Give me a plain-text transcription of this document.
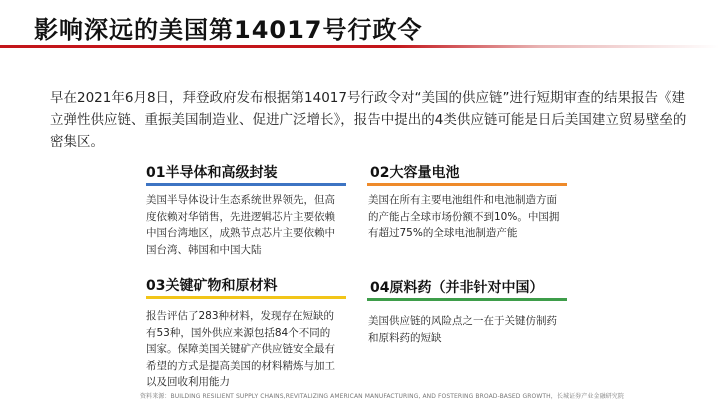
影响深远的美国第14017号行政令
早在2021年6月8日，拜登政府发布根据第14017号行政令对“美国的供应链”进行短期审查的结果报告《建立弹性供应链、重振美国制造业、促进广泛增长》，报告中提出的4类供应链可能是日后美国建立贸易壁垒的密集区。
01半导体和高级封装
美国半导体设计生态系统世界领先，但高度依赖对华销售，先进逻辑芯片主要依赖中国台湾地区，成熟节点芯片主要依赖中国台湾、韩国和中国大陆
02大容量电池
美国在所有主要电池组件和电池制造方面的产能占全球市场份额不到10%。中国拥有超过75%的全球电池制造产能
03关键矿物和原材料
报告评估了283种材料，发现存在短缺的有53种，国外供应来源包括84个不同的国家。保障美国关键矿产供应链安全最有希望的方式是提高美国的材料精炼与加工以及回收利用能力
04原料药（并非针对中国）
美国供应链的风险点之一在于关键仿制药和原料药的短缺
资料来源：BUILDING RESILIENT SUPPLY CHAINS,REVITALIZING AMERICAN MANUFACTURING, AND FOSTERING BROAD-BASED GROWTH，长城证券产业金融研究院
